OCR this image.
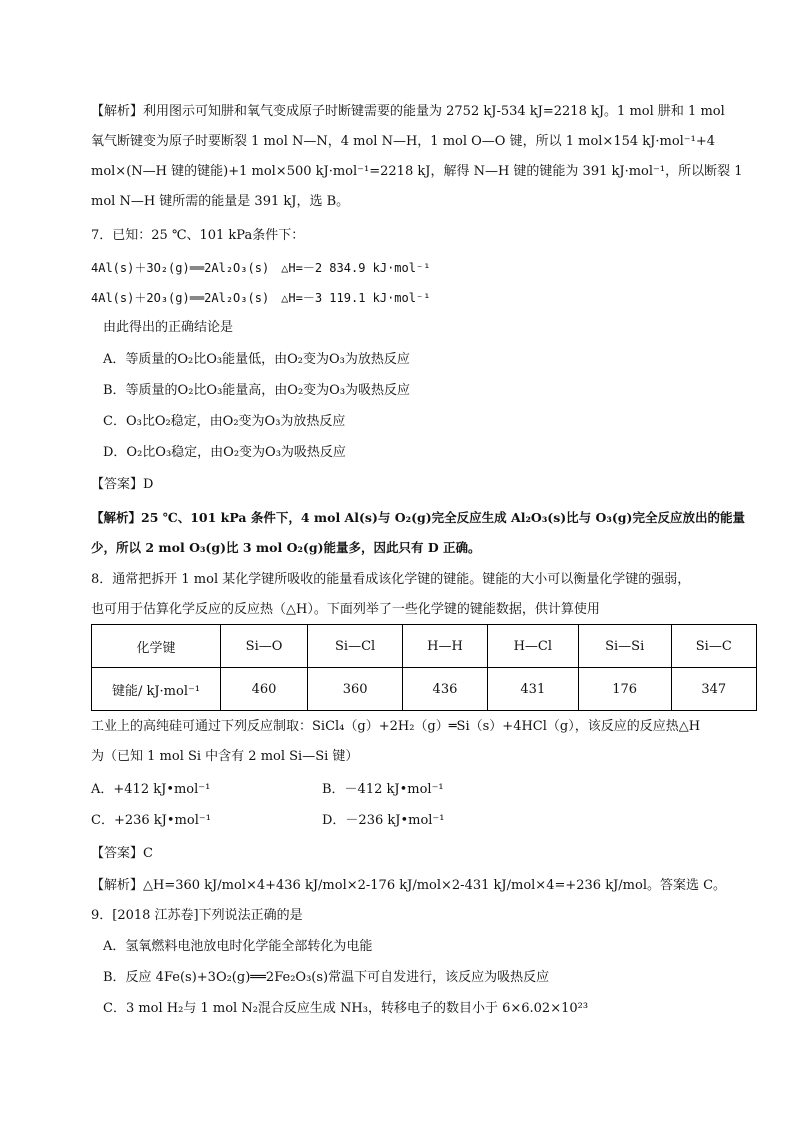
【解析】利用图示可知肼和氧气变成原子时断键需要的能量为 2752 kJ-534 kJ=2218 kJ。1 mol 肼和 1 mol
氧气断键变为原子时要断裂 1 mol N—N，4 mol N—H，1 mol O—O 键，所以 1 mol×154 kJ·mol⁻¹+4
mol×(N—H 键的键能)+1 mol×500 kJ·mol⁻¹=2218 kJ，解得 N—H 键的键能为 391 kJ·mol⁻¹，所以断裂 1
mol N—H 键所需的能量是 391 kJ，选 B。
7．已知：25 ℃、101 kPa条件下：
4Al(s)＋3O₂(g)══2Al₂O₃(s)　△H=－2 834.9 kJ·mol⁻¹
4Al(s)＋2O₃(g)══2Al₂O₃(s)　△H=－3 119.1 kJ·mol⁻¹
由此得出的正确结论是
A．等质量的O₂比O₃能量低，由O₂变为O₃为放热反应
B．等质量的O₂比O₃能量高，由O₂变为O₃为吸热反应
C．O₃比O₂稳定，由O₂变为O₃为放热反应
D．O₂比O₃稳定，由O₂变为O₃为吸热反应
【答案】D
【解析】25 ℃、101 kPa 条件下，4 mol Al(s)与 O₂(g)完全反应生成 Al₂O₃(s)比与 O₃(g)完全反应放出的能量
少，所以 2 mol O₃(g)比 3 mol O₂(g)能量多，因此只有 D 正确。
8．通常把拆开 1 mol 某化学键所吸收的能量看成该化学键的键能。键能的大小可以衡量化学键的强弱，
也可用于估算化学反应的反应热（△H）。下面列举了一些化学键的键能数据，供计算使用
化学键	Si—O	Si—Cl	H—H	H—Cl	Si—Si	Si—C
键能/ kJ·mol⁻¹	460	360	436	431	176	347
工业上的高纯硅可通过下列反应制取：SiCl₄（g）+2H₂（g）═Si（s）+4HCl（g），该反应的反应热△H
为（已知 1 mol Si 中含有 2 mol Si—Si 键）
A．+412 kJ•mol⁻¹	B．－412 kJ•mol⁻¹
C．+236 kJ•mol⁻¹	D．－236 kJ•mol⁻¹
【答案】C
【解析】△H=360 kJ/mol×4+436 kJ/mol×2-176 kJ/mol×2-431 kJ/mol×4=+236 kJ/mol。答案选 C。
9．[2018 江苏卷]下列说法正确的是
A．氢氧燃料电池放电时化学能全部转化为电能
B．反应 4Fe(s)+3O₂(g)══2Fe₂O₃(s)常温下可自发进行，该反应为吸热反应
C．3 mol H₂与 1 mol N₂混合反应生成 NH₃，转移电子的数目小于 6×6.02×10²³
